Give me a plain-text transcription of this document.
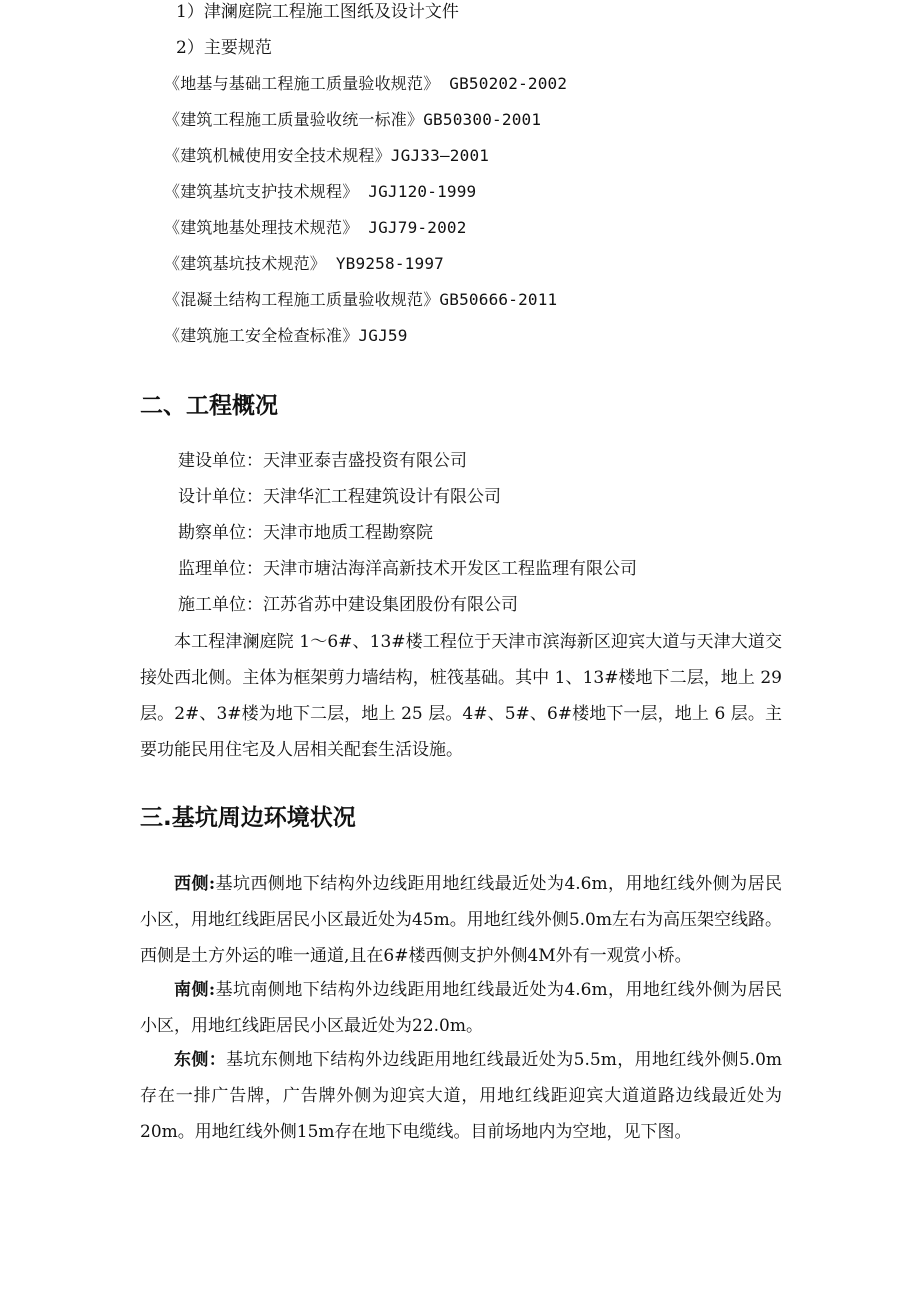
1）津澜庭院工程施工图纸及设计文件
2）主要规范
《地基与基础工程施工质量验收规范》 GB50202-2002
《建筑工程施工质量验收统一标准》GB50300-2001
《建筑机械使用安全技术规程》JGJ33—2001
《建筑基坑支护技术规程》 JGJ120-1999
《建筑地基处理技术规范》 JGJ79-2002
《建筑基坑技术规范》 YB9258-1997
《混凝土结构工程施工质量验收规范》GB50666-2011
《建筑施工安全检查标准》JGJ59
二、工程概况
建设单位：天津亚泰吉盛投资有限公司
设计单位：天津华汇工程建筑设计有限公司
勘察单位：天津市地质工程勘察院
监理单位：天津市塘沽海洋高新技术开发区工程监理有限公司
施工单位：江苏省苏中建设集团股份有限公司
本工程津澜庭院 1～6#、13#楼工程位于天津市滨海新区迎宾大道与天津大道交接处西北侧。主体为框架剪力墙结构，桩筏基础。其中 1、13#楼地下二层，地上 29 层。2#、3#楼为地下二层，地上 25 层。4#、5#、6#楼地下一层，地上 6 层。主要功能民用住宅及人居相关配套生活设施。
三.基坑周边环境状况
西侧:基坑西侧地下结构外边线距用地红线最近处为4.6m，用地红线外侧为居民小区，用地红线距居民小区最近处为45m。用地红线外侧5.0m左右为高压架空线路。西侧是土方外运的唯一通道,且在6#楼西侧支护外侧4M外有一观赏小桥。
南侧:基坑南侧地下结构外边线距用地红线最近处为4.6m，用地红线外侧为居民小区，用地红线距居民小区最近处为22.0m。
东侧：基坑东侧地下结构外边线距用地红线最近处为5.5m，用地红线外侧5.0m存在一排广告牌，广告牌外侧为迎宾大道，用地红线距迎宾大道道路边线最近处为20m。用地红线外侧15m存在地下电缆线。目前场地内为空地，见下图。
